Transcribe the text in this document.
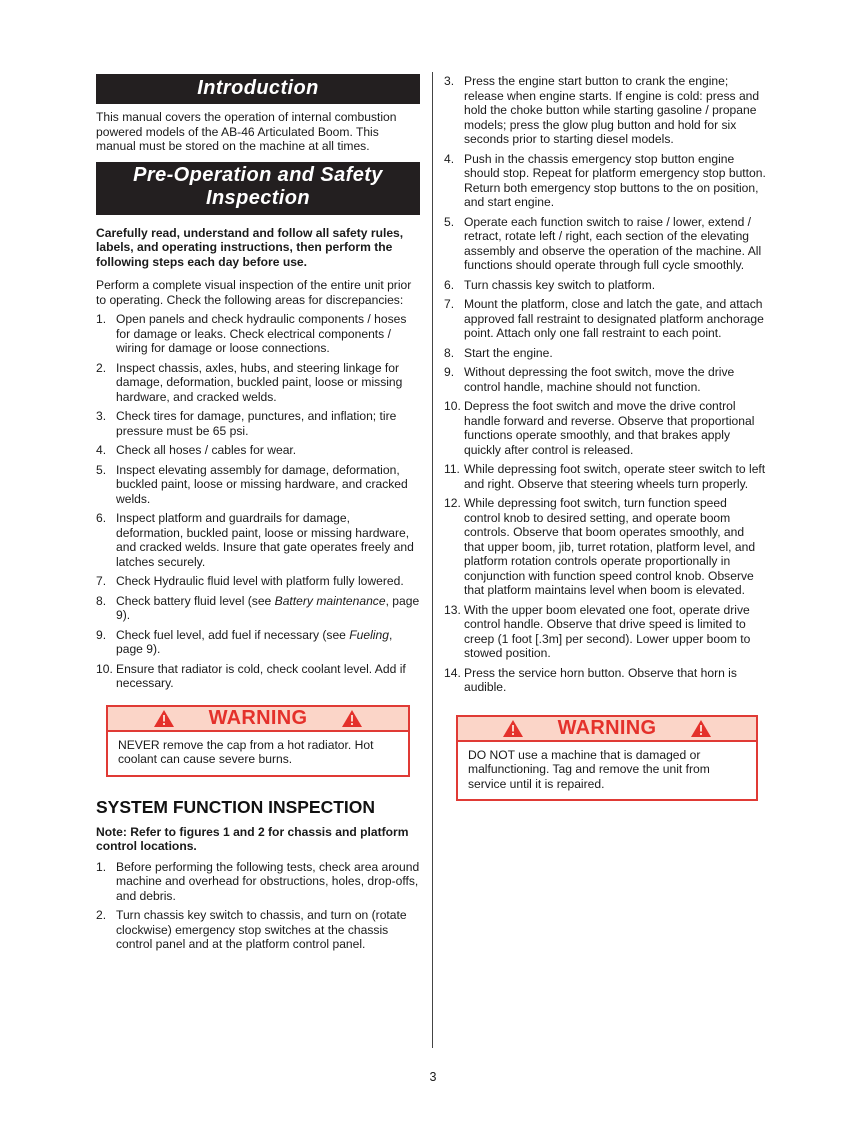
Introduction

This manual covers the operation of internal combustion powered models of the AB-46 Articulated Boom. This manual must be stored on the machine at all times.

Pre-Operation and Safety
Inspection

Carefully read, understand and follow all safety rules, labels, and operating instructions, then perform the following steps each day before use.

Perform a complete visual inspection of the entire unit prior to operating. Check the following areas for discrepancies:

1. Open panels and check hydraulic components / hoses for damage or leaks. Check electrical components / wiring for damage or loose connections.
2. Inspect chassis, axles, hubs, and steering linkage for damage, deformation, buckled paint, loose or missing hardware, and cracked welds.
3. Check tires for damage, punctures, and inflation; tire pressure must be 65 psi.
4. Check all hoses / cables for wear.
5. Inspect elevating assembly for damage, deformation, buckled paint, loose or missing hardware, and cracked welds.
6. Inspect platform and guardrails for damage, deformation, buckled paint, loose or missing hardware, and cracked welds. Insure that gate operates freely and latches securely.
7. Check Hydraulic fluid level with platform fully lowered.
8. Check battery fluid level (see Battery maintenance, page 9).
9. Check fuel level, add fuel if necessary (see Fueling, page 9).
10. Ensure that radiator is cold, check coolant level. Add if necessary.
WARNING
NEVER remove the cap from a hot radiator. Hot coolant can cause severe burns.
SYSTEM FUNCTION INSPECTION

Note: Refer to figures 1 and 2 for chassis and platform control locations.

1. Before performing the following tests, check area around machine and overhead for obstructions, holes, drop-offs, and debris.
2. Turn chassis key switch to chassis, and turn on (rotate clockwise) emergency stop switches at the chassis control panel and at the platform control panel.
3. Press the engine start button to crank the engine; release when engine starts. If engine is cold: press and hold the choke button while starting gasoline / propane models; press the glow plug button and hold for six seconds prior to starting diesel models.
4. Push in the chassis emergency stop button engine should stop. Repeat for platform emergency stop button. Return both emergency stop buttons to the on position, and start engine.
5. Operate each function switch to raise / lower, extend / retract, rotate left / right, each section of the elevating assembly and observe the operation of the machine. All functions should operate through full cycle smoothly.
6. Turn chassis key switch to platform.
7. Mount the platform, close and latch the gate, and attach approved fall restraint to designated platform anchorage point. Attach only one fall restraint to each point.
8. Start the engine.
9. Without depressing the foot switch, move the drive control handle, machine should not function.
10. Depress the foot switch and move the drive control handle forward and reverse. Observe that proportional functions operate smoothly, and that brakes apply quickly after control is released.
11. While depressing foot switch, operate steer switch to left and right. Observe that steering wheels turn properly.
12. While depressing foot switch, turn function speed control knob to desired setting, and operate boom controls. Observe that boom operates smoothly, and that upper boom, jib, turret rotation, platform level, and platform rotation controls operate proportionally in conjunction with function speed control knob. Observe that platform maintains level when boom is elevated.
13. With the upper boom elevated one foot, operate drive control handle. Observe that drive speed is limited to creep (1 foot [.3m] per second). Lower upper boom to stowed position.
14. Press the service horn button. Observe that horn is audible.
WARNING
DO NOT use a machine that is damaged or malfunctioning. Tag and remove the unit from service until it is repaired.
3
